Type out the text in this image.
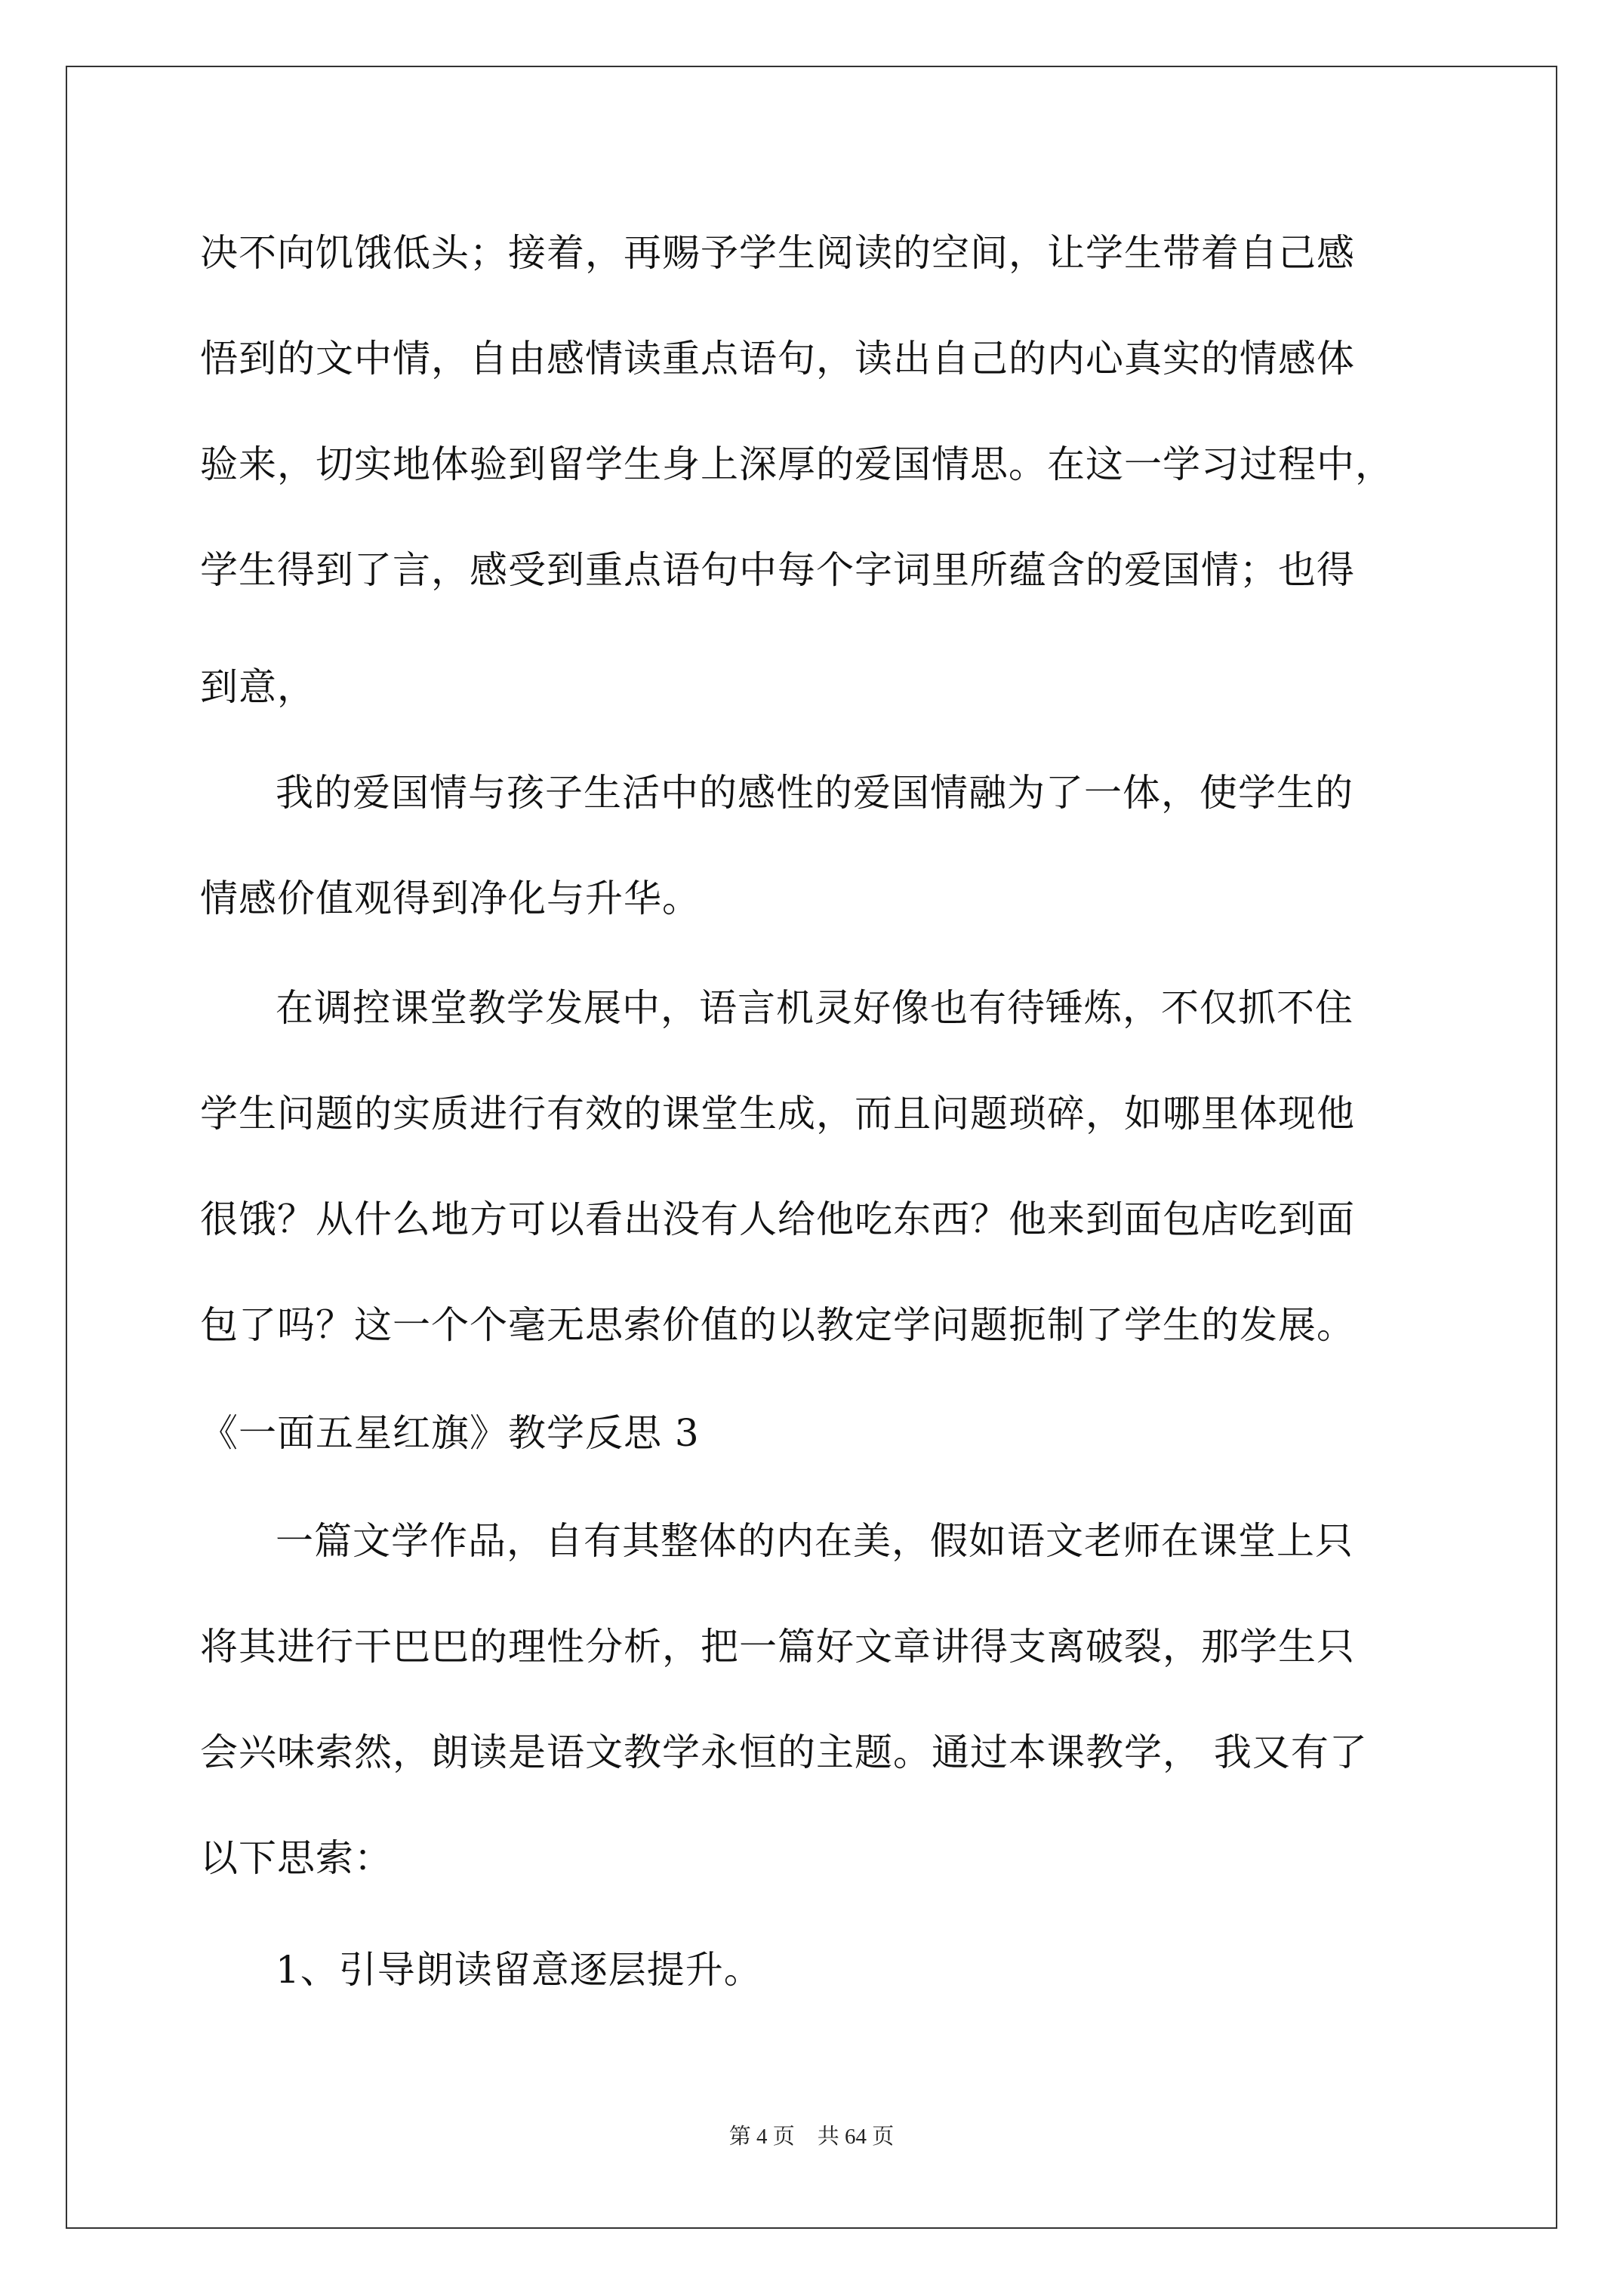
决不向饥饿低头；接着，再赐予学生阅读的空间，让学生带着自己感
悟到的文中情，自由感情读重点语句，读出自己的内心真实的情感体
验来，切实地体验到留学生身上深厚的爱国情思。在这一学习过程中，
学生得到了言，感受到重点语句中每个字词里所蕴含的爱国情；也得
到意，
我的爱国情与孩子生活中的感性的爱国情融为了一体，使学生的
情感价值观得到净化与升华。
在调控课堂教学发展中，语言机灵好像也有待锤炼，不仅抓不住
学生问题的实质进行有效的课堂生成，而且问题琐碎，如哪里体现他
很饿？从什么地方可以看出没有人给他吃东西？他来到面包店吃到面
包了吗？这一个个毫无思索价值的以教定学问题扼制了学生的发展。
《一面五星红旗》教学反思 3
一篇文学作品，自有其整体的内在美，假如语文老师在课堂上只
将其进行干巴巴的理性分析，把一篇好文章讲得支离破裂，那学生只
会兴味索然，朗读是语文教学永恒的主题。通过本课教学， 我又有了
以下思索：
1、引导朗读留意逐层提升。
第 4 页 共 64 页
